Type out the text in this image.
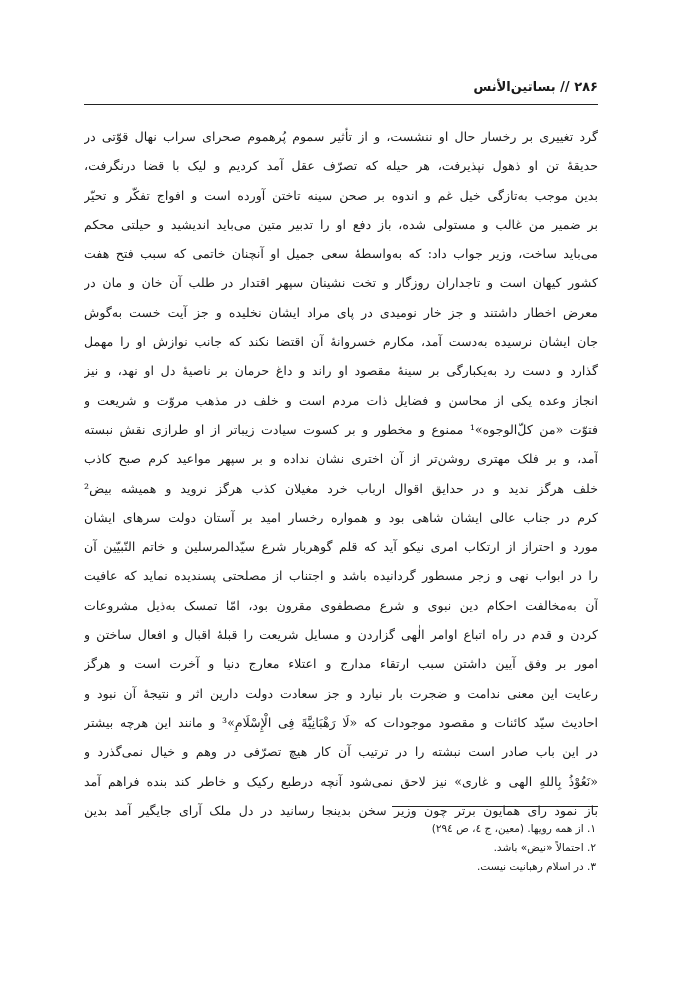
۲۸۶ // بساتین‌الأنس
گرد تغییری بر رخسار حال او ننشست، و از تأثیر سموم پُرهموم صحرای سراب نهال قوّتی در
حدیقهٔ تن او ذهول نپذیرفت، هر حیله که تصرّف عقل آمد کردیم و لیک با قضا درنگرفت،
بدین موجب به‌تازگی خیل غم و اندوه بر صحن سینه تاختن آورده است و افواج تفکّر و تحیّر
بر ضمیر من غالب و مستولی شده، باز دفع او را تدبیر متین می‌باید اندیشید و حیلتی محکم
می‌باید ساخت، وزیر جواب داد: که به‌واسطهٔ سعی جمیل او آنچنان خاتمی که سبب فتح هفت
کشور کیهان است و تاجداران روزگار و تخت نشینان سپهر اقتدار در طلب آن خان و مان در
معرض اخطار داشتند و جز خار نومیدی در پای مراد ایشان نخلیده و جز آیت خست به‌گوش
جان ایشان نرسیده به‌دست آمد، مکارم خسروانهٔ آن اقتضا نکند که جانب نوازش او را مهمل
گذارد و دست رد به‌یکبارگی بر سینهٔ مقصود او راند و داغ حرمان بر ناصیهٔ دل او نهد، و نیز
انجاز وعده یکی از محاسن و فضایل ذات مردم است و خلف در مذهب مروّت و شریعت و
فتوّت «من کلّ‌الوجوه»¹ ممنوع و مخطور و بر کسوت سیادت زیباتر از او طرازی نقش نبسته
آمد، و بر فلک مهتری روشن‌تر از آن اختری نشان نداده و بر سپهر مواعید کرم صبح کاذب
خلف هرگز ندید و در حدایق اقوال ارباب خرد مغیلان کذب هرگز نروید و همیشه بیض²
کرم در جناب عالی ایشان شاهی بود و همواره رخسار امید بر آستان دولت سرهای ایشان
مورد و احتراز از ارتکاب امری نیکو آید که قلم گوهربار شرع سیّدالمرسلین و خاتم النّبیّین آن
را در ابواب نهی و زجر مسطور گردانیده باشد و اجتناب از مصلحتی پسندیده نماید که عافیت
آن به‌مخالفت احکام دین نبوی و شرع مصطفوی مقرون بود، امّا تمسک به‌ذیل مشروعات
کردن و قدم در راه اتباع اوامر الٰهی گزاردن و مسایل شریعت را قبلهٔ اقبال و افعال ساختن و
امور بر وفق آیین داشتن سبب ارتقاء مدارج و اعتلاء معارج دنیا و آخرت است و هرگز
رعایت این معنی ندامت و ضجرت بار نیارد و جز سعادت دولت دارین اثر و نتیجهٔ آن نبود و
احادیث سیّد کائنات و مقصود موجودات که «لَا رَهْبَانِیَّةَ فِی الْإِسْلَامِ»³ و مانند این هرچه بیشتر
در این باب صادر است نبشته را در ترتیب آن کار هیچ تصرّفی در وهم و خیال نمی‌گذرد و
«نَعُوْذُ بِاللهِ الهی و غاری» نیز لاحق نمی‌شود آنچه درطبع رکیک و خاطر کند بنده فراهم آمد
باز نمود رای همایون برتر چون وزیر سخن بدینجا رسانید در دل ملک آرای جایگیر آمد بدین
۱. از همه رویها. (معین، ج ٤، ص ٢٩٤)
۲. احتمالاً «نیض» باشد.
۳. در اسلام رهبانیت نیست.
